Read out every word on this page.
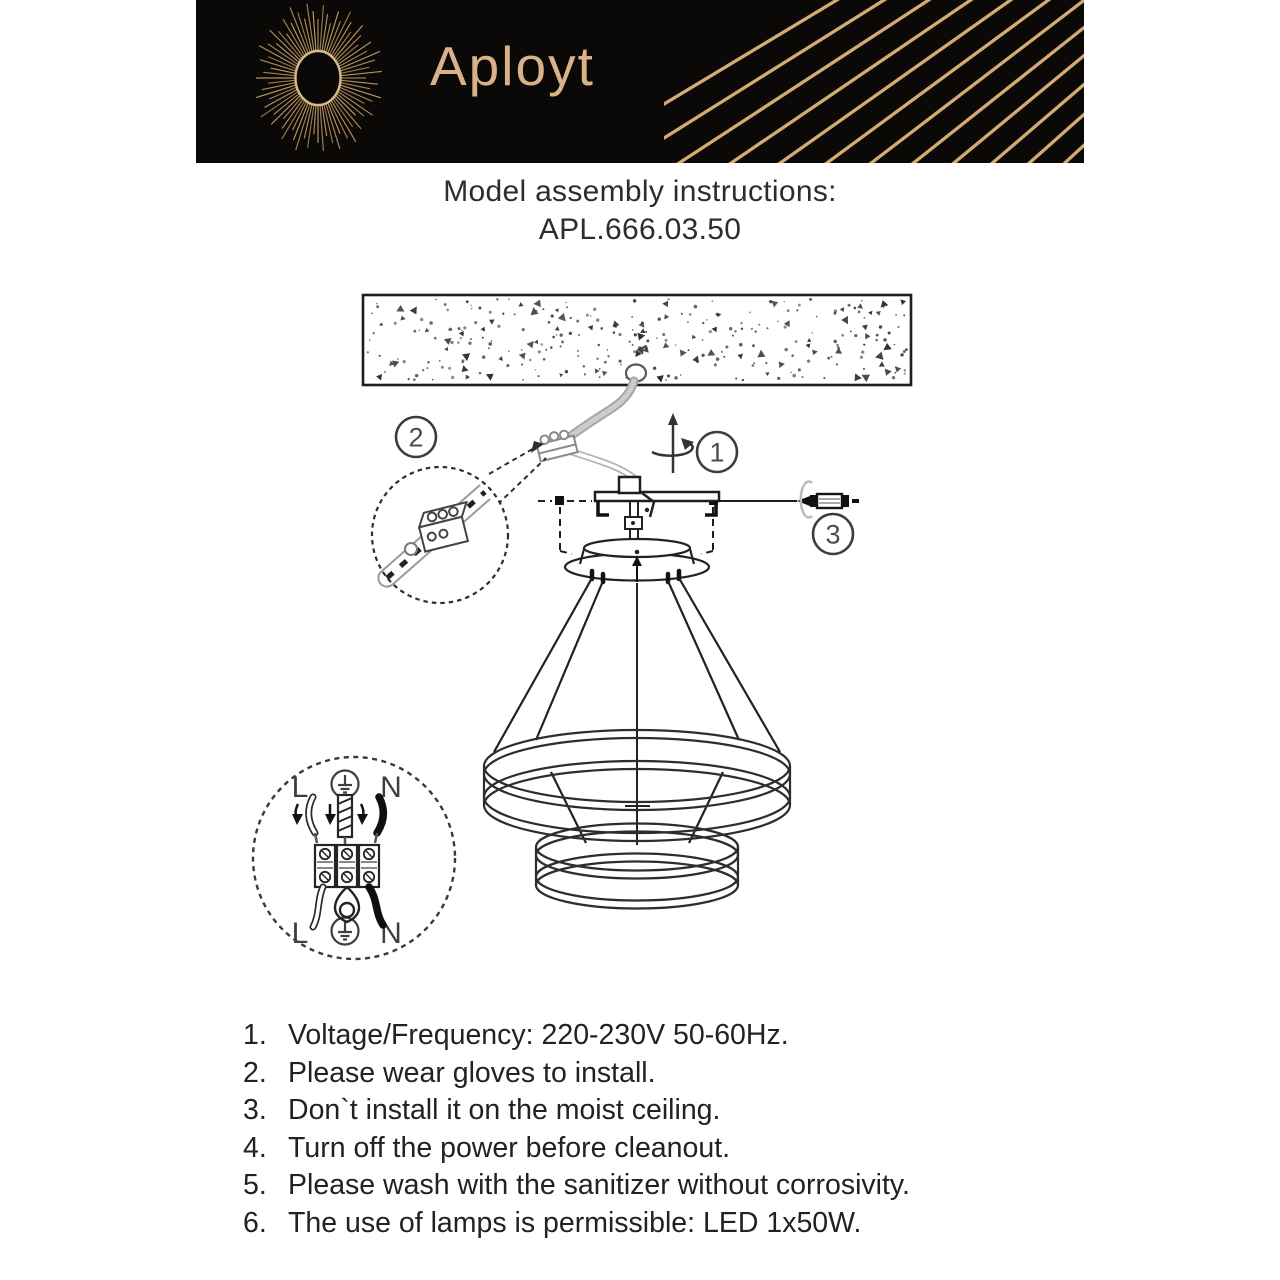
Aployt
Model assembly instructions:
APL.666.03.50
2	1
3
L N
L N
1. Voltage/Frequency: 220-230V 50-60Hz.
2. Please wear gloves to install.
3. Don`t install it on the moist ceiling.
4. Turn off the power before cleanout.
5. Please wash with the sanitizer without corrosivity.
6. The use of lamps is permissible: LED 1x50W.
